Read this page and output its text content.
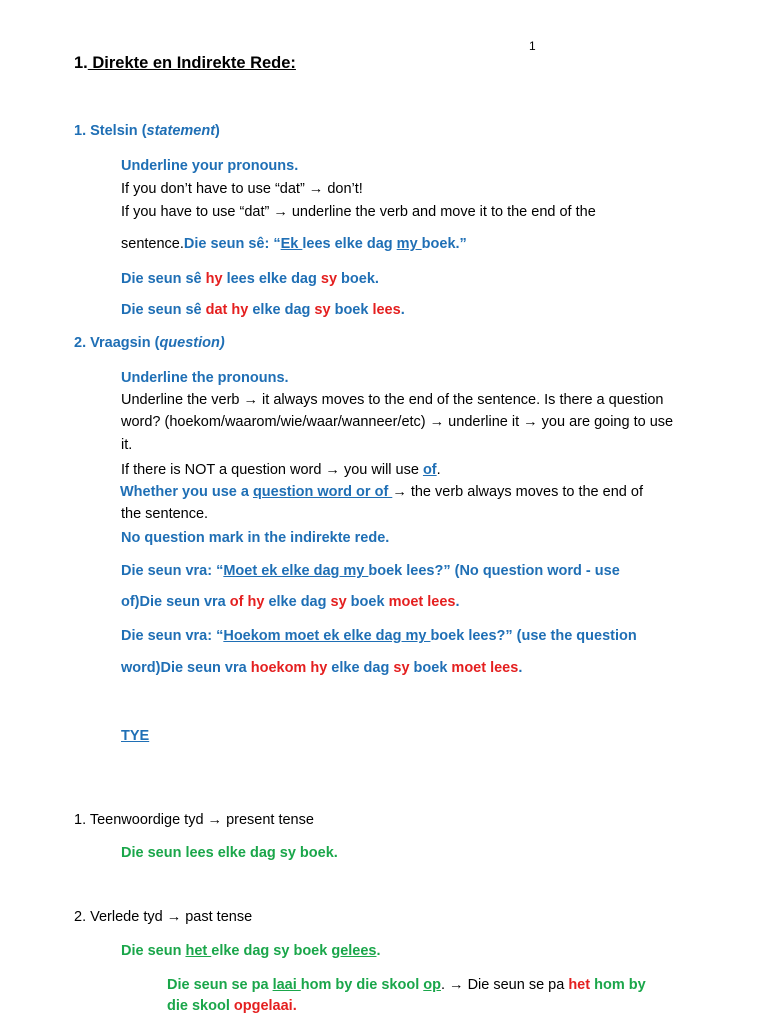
1
1. Direkte en Indirekte Rede:
1. Stelsin (statement)
Underline your pronouns.
If you don’t have to use “dat” → don’t!
If you have to use “dat” → underline the verb and move it to the end of the
sentence.Die seun sê: “Ek lees elke dag my boek.”
Die seun sê hy lees elke dag sy boek.
Die seun sê dat hy elke dag sy boek lees.
2. Vraagsin (question)
Underline the pronouns.
Underline the verb → it always moves to the end of the sentence. Is there a question
word? (hoekom/waarom/wie/waar/wanneer/etc) → underline it → you are going to use
it.
If there is NOT a question word → you will use of.
Whether you use a question word or of → the verb always moves to the end of
the sentence.
No question mark in the indirekte rede.
Die seun vra: “Moet ek elke dag my boek lees?” (No question word - use
of)Die seun vra of hy elke dag sy boek moet lees.
Die seun vra: “Hoekom moet ek elke dag my boek lees?” (use the question
word)Die seun vra hoekom hy elke dag sy boek moet lees.
TYE
1. Teenwoordige tyd → present tense
Die seun lees elke dag sy boek.
2. Verlede tyd → past tense
Die seun het elke dag sy boek gelees.
Die seun se pa laai hom by die skool op. → Die seun se pa het hom by
die skool opgelaai.
